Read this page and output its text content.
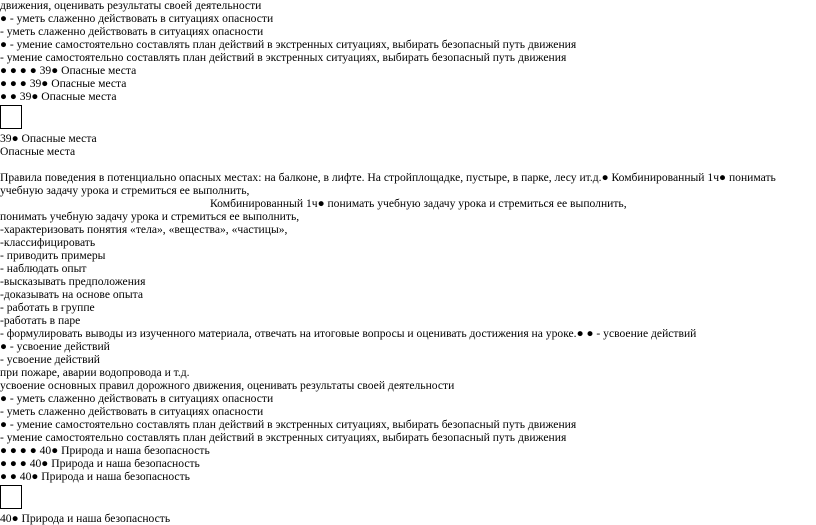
движения, оценивать результаты своей деятельности
● - уметь слаженно действовать в ситуациях опасности
- уметь слаженно действовать в ситуациях опасности
● - умение самостоятельно составлять план действий в экстренных ситуациях, выбирать безопасный путь движения
- умение самостоятельно составлять план действий в экстренных ситуациях, выбирать безопасный путь движения
● ● ● ● 39● Опасные места
● ● ● 39● Опасные места
● ● 39● Опасные места
39● Опасные места
Опасные места
Правила поведения в потенциально опасных местах: на балконе, в лифте. На стройплощадке, пустыре, в парке, лесу ит.д.● Комбинированный 1ч● понимать учебную задачу урока и стремиться ее выполнить,
Комбинированный 1ч● понимать учебную задачу урока и стремиться ее выполнить,
понимать учебную задачу урока и стремиться ее выполнить,
-характеризовать понятия «тела», «вещества», «частицы»,
-классифицировать
- приводить примеры
- наблюдать опыт
-высказывать предположения
-доказывать на основе опыта
- работать в группе
-работать в паре
- формулировать выводы из изученного материала, отвечать на итоговые вопросы и оценивать достижения на уроке.● ● - усвоение действий
● - усвоение действий
- усвоение действий
при пожаре, аварии водопровода и т.д.
усвоение основных правил дорожного движения, оценивать результаты своей деятельности
● - уметь слаженно действовать в ситуациях опасности
- уметь слаженно действовать в ситуациях опасности
● - умение самостоятельно составлять план действий в экстренных ситуациях, выбирать безопасный путь движения
- умение самостоятельно составлять план действий в экстренных ситуациях, выбирать безопасный путь движения
● ● ● ● 40● Природа и наша безопасность
● ● ● 40● Природа и наша безопасность
● ● 40● Природа и наша безопасность
40● Природа и наша безопасность
